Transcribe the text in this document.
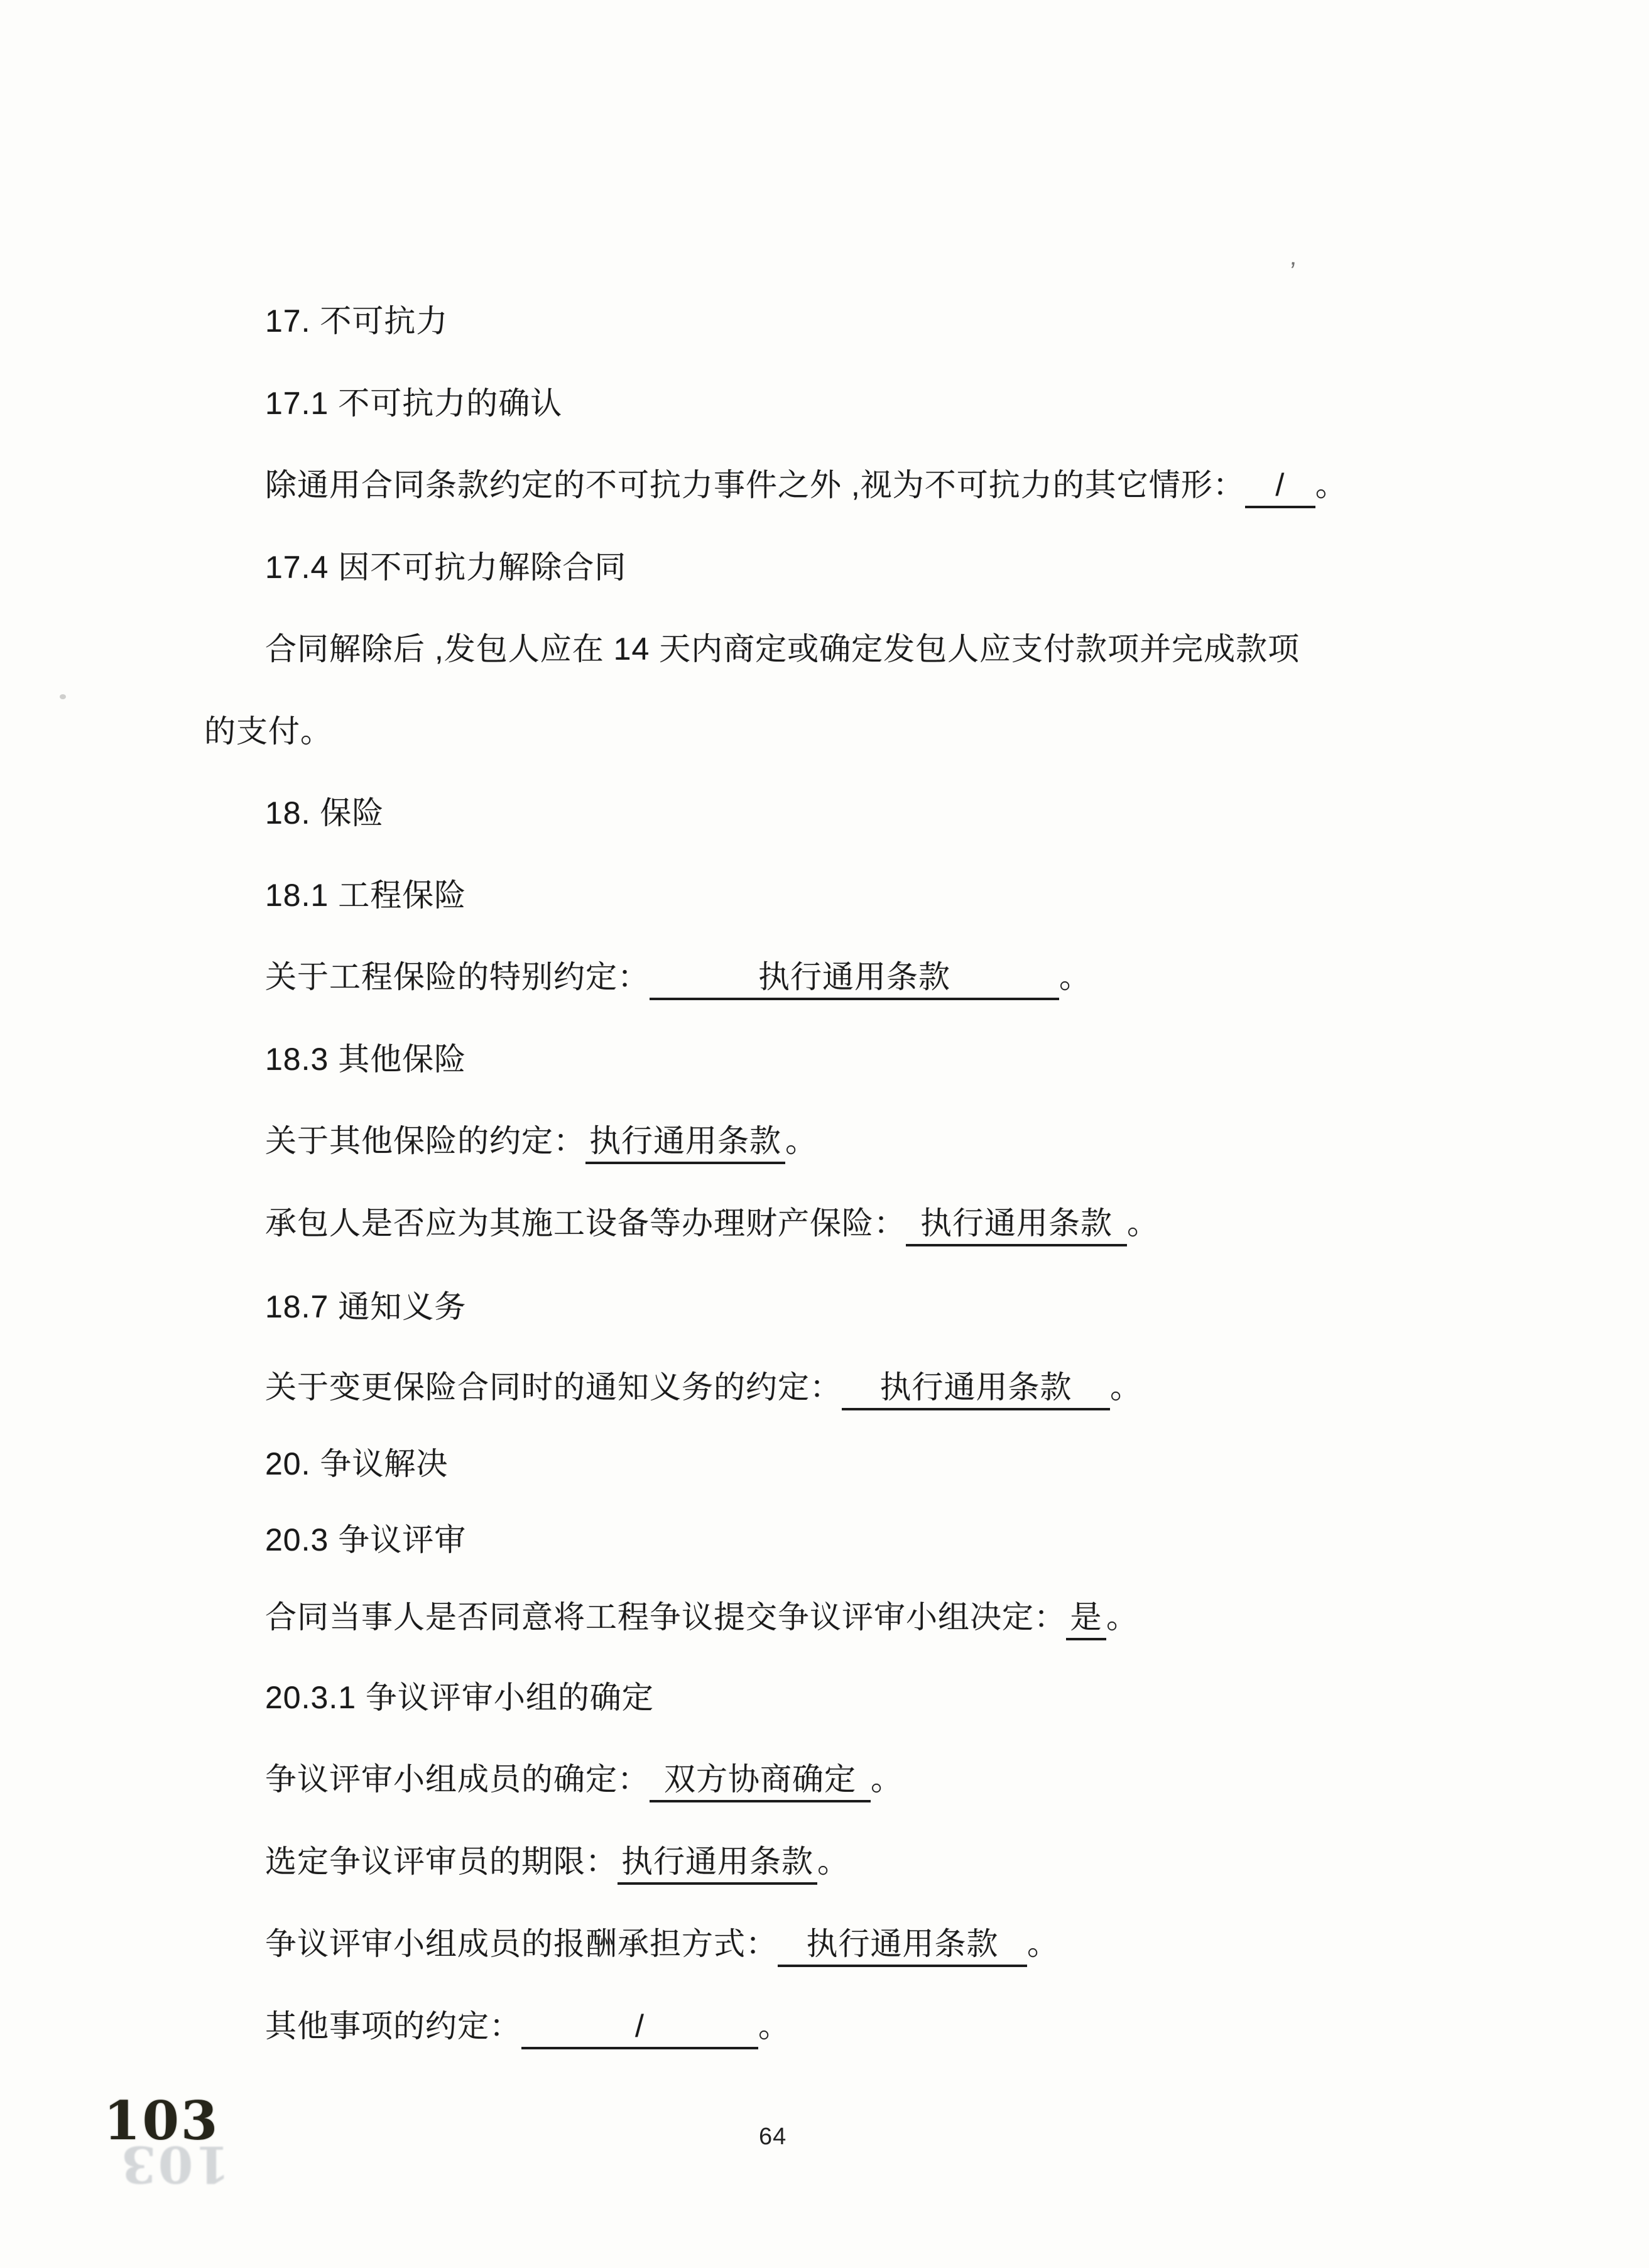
’
17. 不可抗力
17.1 不可抗力的确认
除通用合同条款约定的不可抗力事件之外 ,视为不可抗力的其它情形： / 。
17.4 因不可抗力解除合同
合同解除后 ,发包人应在 14 天内商定或确定发包人应支付款项并完成款项
的支付。
18. 保险
18.1 工程保险
关于工程保险的特别约定：	执行通用条款	。
18.3 其他保险
关于其他保险的约定： 执行通用条款 。
承包人是否应为其施工设备等办理财产保险： 执行通用条款 。
18.7 通知义务
关于变更保险合同时的通知义务的约定： 执行通用条款 。
20. 争议解决
20.3 争议评审
合同当事人是否同意将工程争议提交争议评审小组决定： 是 。
20.3.1 争议评审小组的确定
争议评审小组成员的确定： 双方协商确定 。
选定争议评审员的期限： 执行通用条款 。
争议评审小组成员的报酬承担方式： 执行通用条款 。
其他事项的约定：	/	。
64
103
103
